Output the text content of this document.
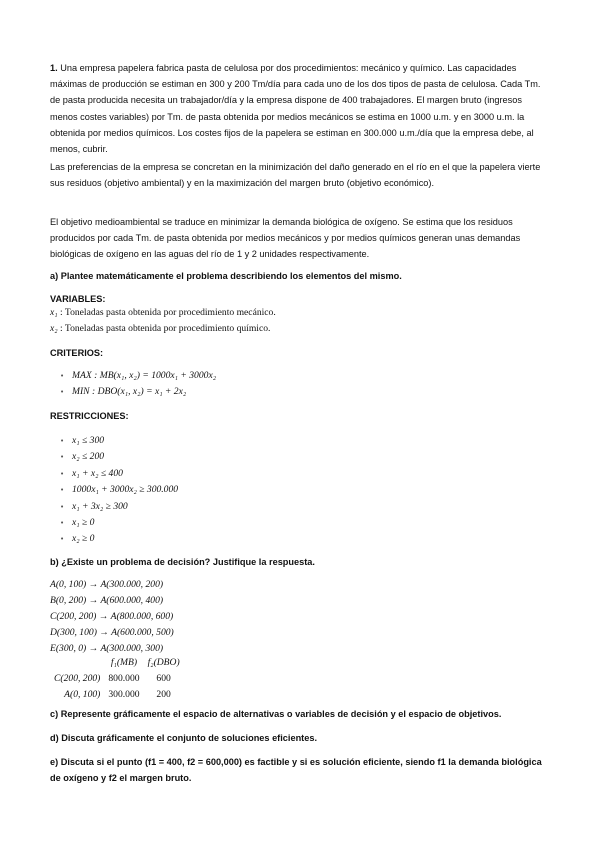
1. Una empresa papelera fabrica pasta de celulosa por dos procedimientos: mecánico y químico. Las capacidades máximas de producción se estiman en 300 y 200 Tm/día para cada uno de los dos tipos de pasta de celulosa. Cada Tm. de pasta producida necesita un trabajador/día y la empresa dispone de 400 trabajadores. El margen bruto (ingresos menos costes variables) por Tm. de pasta obtenida por medios mecánicos se estima en 1000 u.m. y en 3000 u.m. la obtenida por medios químicos. Los costes fijos de la papelera se estiman en 300.000 u.m./día que la empresa debe, al menos, cubrir.

Las preferencias de la empresa se concretan en la minimización del daño generado en el río en el que la papelera vierte sus residuos (objetivo ambiental) y en la maximización del margen bruto (objetivo económico).

El objetivo medioambiental se traduce en minimizar la demanda biológica de oxígeno. Se estima que los residuos producidos por cada Tm. de pasta obtenida por medios mecánicos y por medios químicos generan unas demandas biológicas de oxígeno en las aguas del río de 1 y 2 unidades respectivamente.

a) Plantee matemáticamente el problema describiendo los elementos del mismo.

VARIABLES:

x₁ : Toneladas pasta obtenida por procedimiento mecánico.
x₂ : Toneladas pasta obtenida por procedimiento químico.

CRITERIOS:

• MAX : MB(x₁, x₂) = 1000x₁ + 3000x₂
• MIN : DBO(x₁, x₂) = x₁ + 2x₂

RESTRICCIONES:

• x₁ ≤ 300
• x₂ ≤ 200
• x₁ + x₂ ≤ 400
• 1000x₁ + 3000x₂ ≥ 300.000
• x₁ + 3x₂ ≥ 300
• x₁ ≥ 0
• x₂ ≥ 0

b) ¿Existe un problema de decisión? Justifique la respuesta.

A(0, 100) → A(300.000, 200)
B(0, 200) → A(600.000, 400)
C(200, 200) → A(800.000, 600)
D(300, 100) → A(600.000, 500)
E(300, 0) → A(300.000, 300)
	f₁(MB)	f₂(DBO)
C(200, 200)	800.000	600
A(0, 100)	300.000	200

c) Represente gráficamente el espacio de alternativas o variables de decisión y el espacio de objetivos.

d) Discuta gráficamente el conjunto de soluciones eficientes.

e) Discuta si el punto (f1 = 400, f2 = 600,000) es factible y si es solución eficiente, siendo f1 la demanda biológica de oxígeno y f2 el margen bruto.
